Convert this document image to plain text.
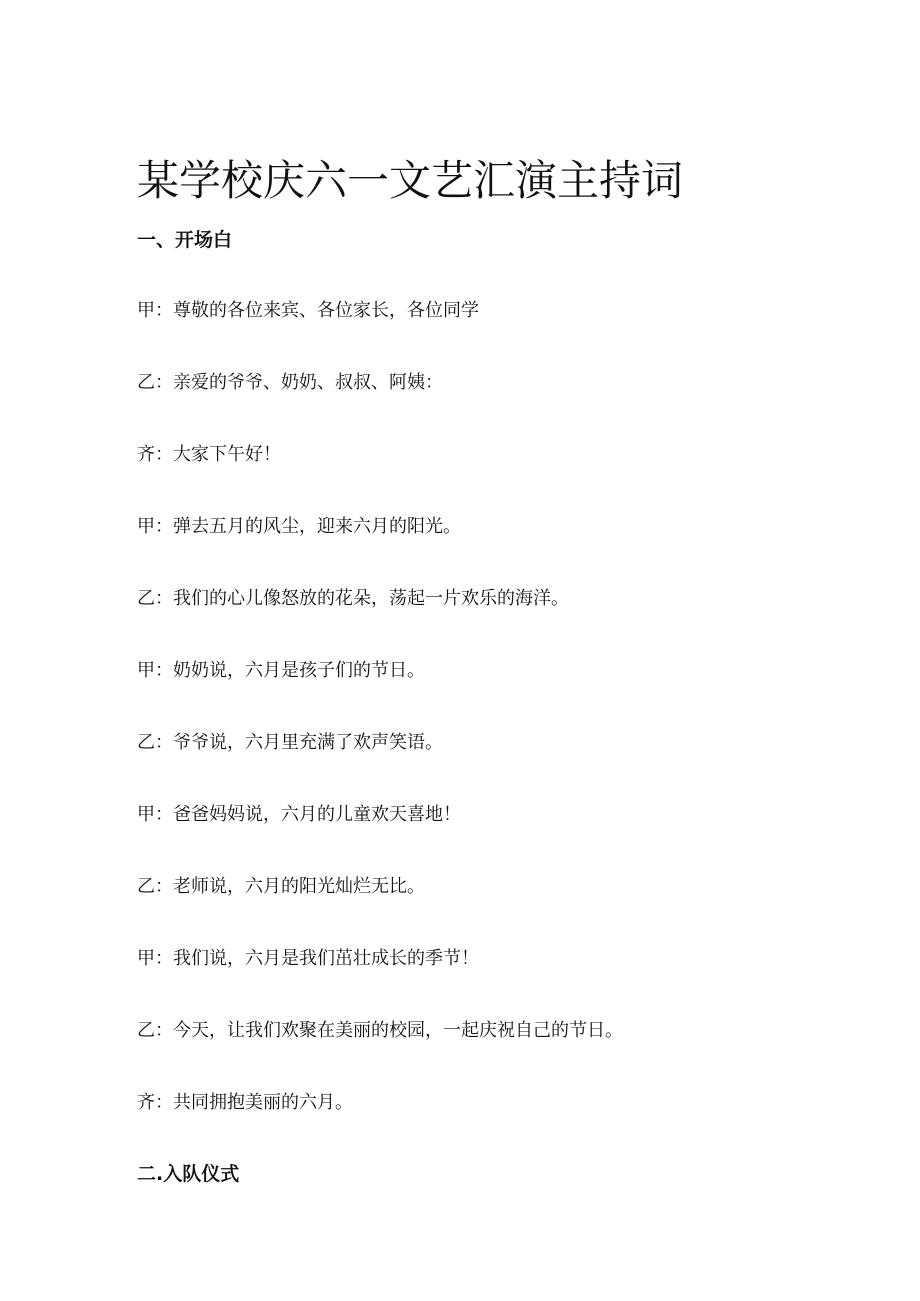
某学校庆六一文艺汇演主持词
一、开场白
甲：尊敬的各位来宾、各位家长，各位同学
乙：亲爱的爷爷、奶奶、叔叔、阿姨：
齐：大家下午好！
甲：弹去五月的风尘，迎来六月的阳光。
乙：我们的心儿像怒放的花朵，荡起一片欢乐的海洋。
甲：奶奶说，六月是孩子们的节日。
乙：爷爷说，六月里充满了欢声笑语。
甲：爸爸妈妈说，六月的儿童欢天喜地！
乙：老师说，六月的阳光灿烂无比。
甲：我们说，六月是我们茁壮成长的季节！
乙：今天，让我们欢聚在美丽的校园，一起庆祝自己的节日。
齐：共同拥抱美丽的六月。
二.入队仪式
